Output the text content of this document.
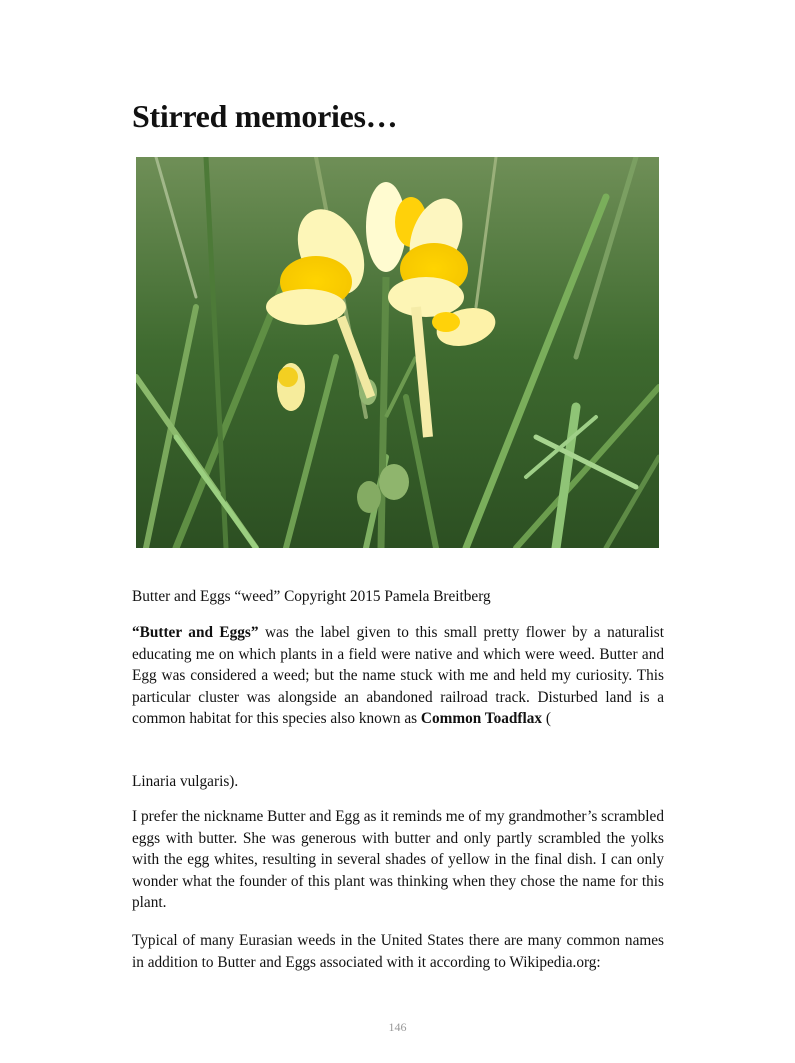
Stirred memories…

Butter and Eggs “weed” Copyright 2015 Pamela Breitberg

“Butter and Eggs” was the label given to this small pretty flower by a naturalist educating me on which plants in a field were native and which were weed. Butter and Egg was considered a weed; but the name stuck with me and held my curiosity. This particular cluster was alongside an abandoned railroad track. Disturbed land is a common habitat for this species also known as Common Toadflax (

Linaria vulgaris).

I prefer the nickname Butter and Egg as it reminds me of my grandmother’s scrambled eggs with butter. She was generous with butter and only partly scrambled the yolks with the egg whites, resulting in several shades of yellow in the final dish. I can only wonder what the founder of this plant was thinking when they chose the name for this plant.

Typical of many Eurasian weeds in the United States there are many common names in addition to Butter and Eggs associated with it according to Wikipedia.org:

146
